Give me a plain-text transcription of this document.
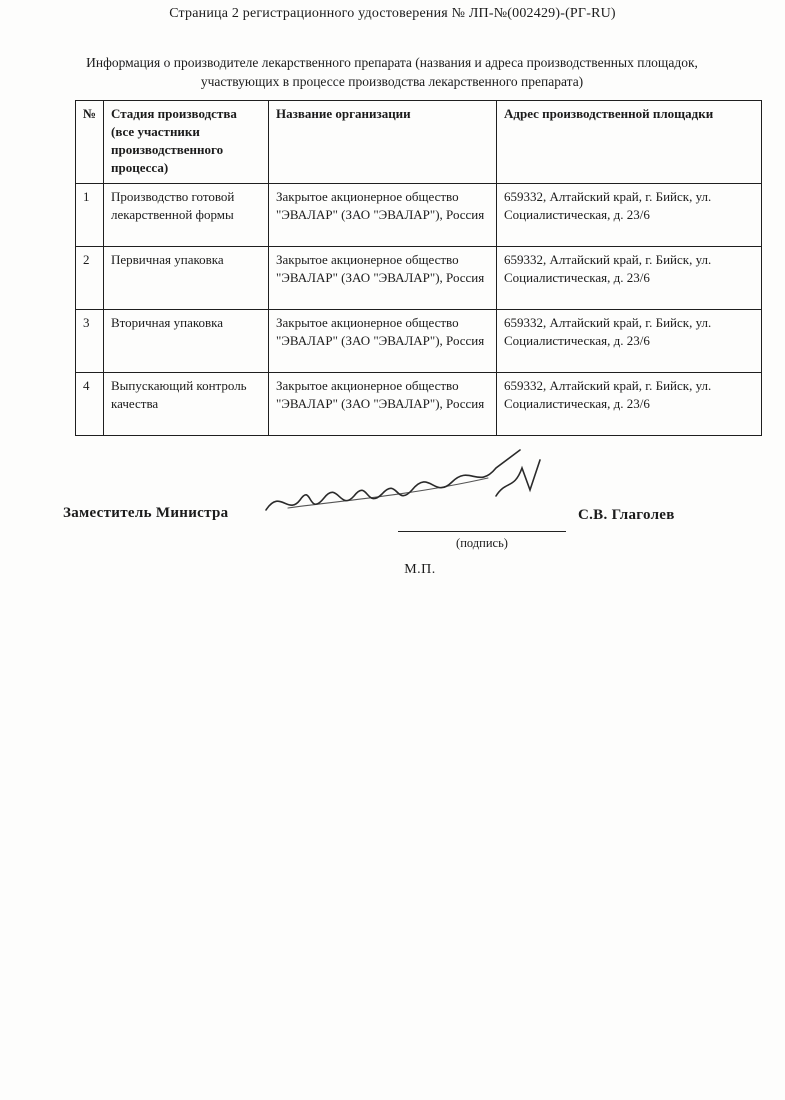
Страница 2 регистрационного удостоверения № ЛП-№(002429)-(РГ-RU)
Информация о производителе лекарственного препарата (названия и адреса производственных площадок, участвующих в процессе производства лекарственного препарата)
№	Стадия производства (все участники производственного процесса)	Название организации	Адрес производственной площадки
1	Производство готовой лекарственной формы	Закрытое акционерное общество "ЭВАЛАР" (ЗАО "ЭВАЛАР"), Россия	659332, Алтайский край, г. Бийск, ул. Социалистическая, д. 23/6
2	Первичная упаковка	Закрытое акционерное общество "ЭВАЛАР" (ЗАО "ЭВАЛАР"), Россия	659332, Алтайский край, г. Бийск, ул. Социалистическая, д. 23/6
3	Вторичная упаковка	Закрытое акционерное общество "ЭВАЛАР" (ЗАО "ЭВАЛАР"), Россия	659332, Алтайский край, г. Бийск, ул. Социалистическая, д. 23/6
4	Выпускающий контроль качества	Закрытое акционерное общество "ЭВАЛАР" (ЗАО "ЭВАЛАР"), Россия	659332, Алтайский край, г. Бийск, ул. Социалистическая, д. 23/6
Заместитель Министра
(подпись)
С.В. Глаголев
М.П.
